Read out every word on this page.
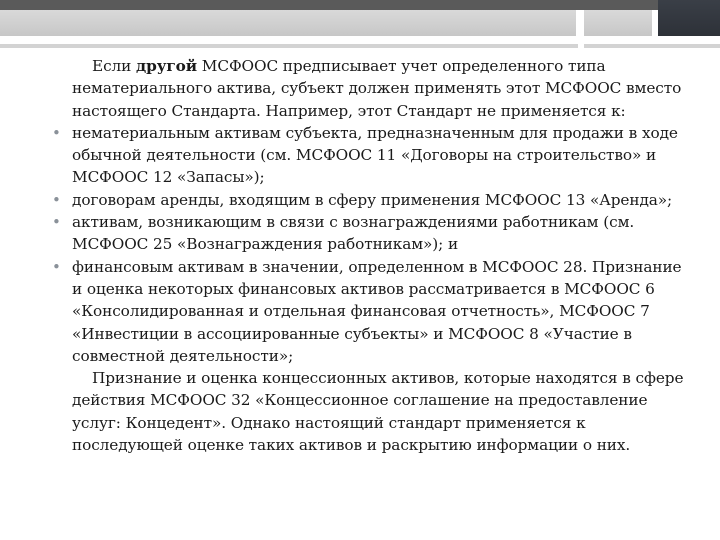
Если другой МСФООС предписывает учет определенного типа нематериального актива, субъект должен применять этот МСФООС вместо настоящего Стандарта. Например, этот Стандарт не применяется к:

• нематериальным активам субъекта, предназначенным для продажи в ходе обычной деятельности (см. МСФООС 11 «Договоры на строительство» и МСФООС 12 «Запасы»);
• договорам аренды, входящим в сферу применения МСФООС 13 «Аренда»;
• активам, возникающим в связи с вознаграждениями работникам (см. МСФООС 25 «Вознаграждения работникам»); и
• финансовым активам в значении, определенном в МСФООС 28. Признание и оценка некоторых финансовых активов рассматривается в МСФООС 6 «Консолидированная и отдельная финансовая отчетность», МСФООС 7 «Инвестиции в ассоциированные субъекты» и МСФООС 8 «Участие в совместной деятельности»;

Признание и оценка концессионных активов, которые находятся в сфере действия МСФООС 32 «Концессионное соглашение на предоставление услуг: Концедент». Однако настоящий стандарт применяется к последующей оценке таких активов и раскрытию информации о них.
